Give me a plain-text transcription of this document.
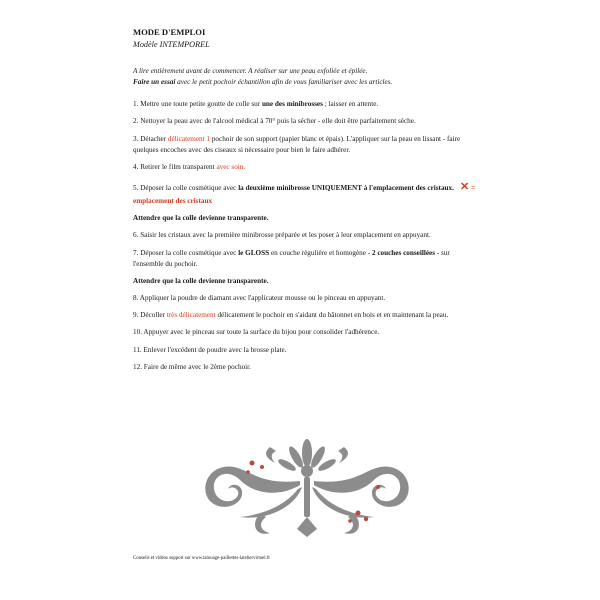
MODE D'EMPLOI

Modèle INTEMPOREL

A lire entièrement avant de commencer. A réaliser sur une peau exfoliée et épilée.

Faire un essai avec le petit pochoir échantillon afin de vous familiariser avec les articles.

1. Mettre une toute petite goutte de colle sur une des minibrosses ; laisser en attente.

2. Nettoyer la peau avec de l'alcool médical à 70° puis la sécher - elle doit être parfaitement sèche.

3. Détacher délicatement 1 pochoir de son support (papier blanc et épais). L'appliquer sur la peau en lissant - faire quelques encoches avec des ciseaux si nécessaire pour bien le faire adhérer.

4. Retirer le film transparent avec soin.

5. Déposer la colle cosmétique avec la deuxième minibrosse UNIQUEMENT à l'emplacement des cristaux. ✕ = emplacement des cristaux

Attendre que la colle devienne transparente.

6. Saisir les cristaux avec la première minibrosse préparée et les poser à leur emplacement en appuyant.

7. Déposer la colle cosmétique avec le GLOSS en couche régulière et homogène - 2 couches conseillées - sur l'ensemble du pochoir.

Attendre que la colle devienne transparente.

8. Appliquer la poudre de diamant avec l'applicateur mousse ou le pinceau en appuyant.

9. Décoller très délicatement délicatement le pochoir en s'aidant du bâtonnet en bois et en maintenant la peau.

10. Appuyer avec le pinceau sur toute la surface du bijou pour consolider l'adhérence.

11. Enlever l'excédent de poudre avec la brosse plate.

12. Faire de même avec le 2ème pochoir.

Conseils et vidéos support sur www.tatouage-paillettes-lateliervirtuel.fr
